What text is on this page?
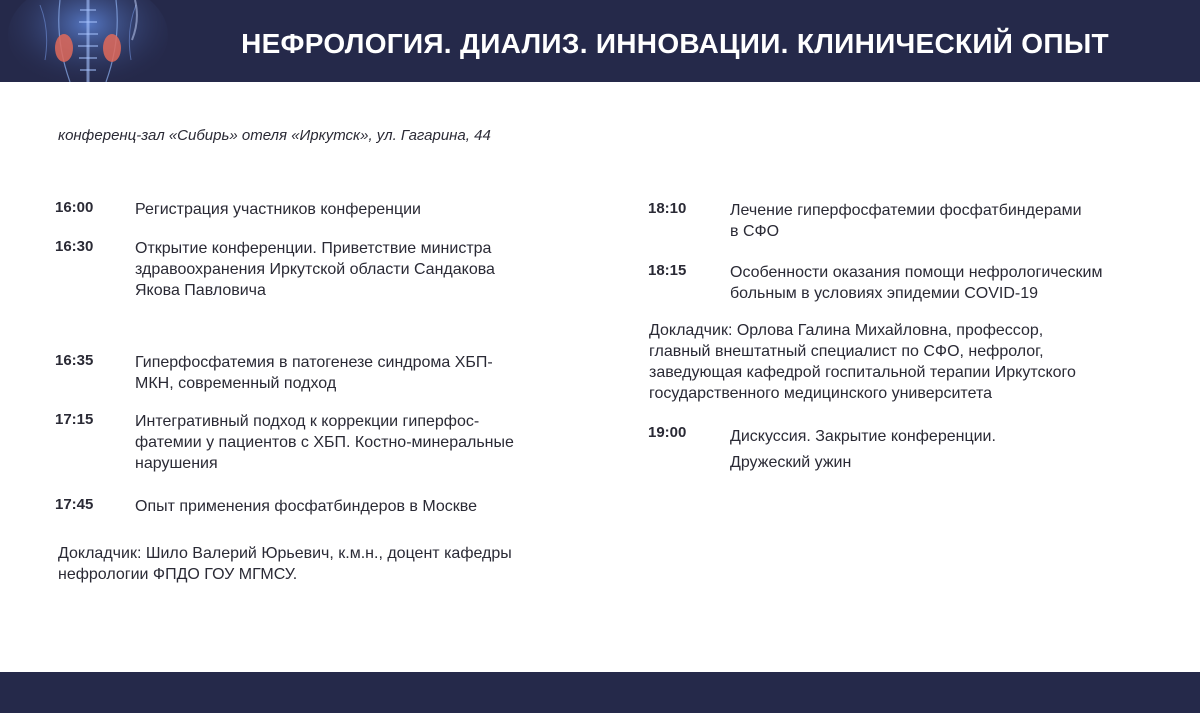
НЕФРОЛОГИЯ. ДИАЛИЗ. ИННОВАЦИИ. КЛИНИЧЕСКИЙ ОПЫТ
конференц-зал «Сибирь» отеля «Иркутск», ул. Гагарина, 44
16:00	Регистрация участников конференции
16:30	Открытие конференции. Приветствие министра
здравоохранения Иркутской области Сандакова
Якова Павловича
16:35	Гиперфосфатемия в патогенезе синдрома ХБП-
МКН, современный подход
17:15	Интегративный подход к коррекции гиперфос-
фатемии у пациентов с ХБП. Костно-минеральные
нарушения
17:45	Опыт применения фосфатбиндеров в Москве
Докладчик: Шило Валерий Юрьевич, к.м.н., доцент кафедры
нефрологии ФПДО ГОУ МГМСУ.
18:10	Лечение гиперфосфатемии фосфатбиндерами
в СФО
18:15	Особенности оказания помощи нефрологическим
больным в условиях эпидемии COVID-19
Докладчик: Орлова Галина Михайловна, профессор,
главный внештатный специалист по СФО, нефролог,
заведующая кафедрой госпитальной терапии Иркутского
государственного медицинского университета
19:00	Дискуссия. Закрытие конференции.
Дружеский ужин
